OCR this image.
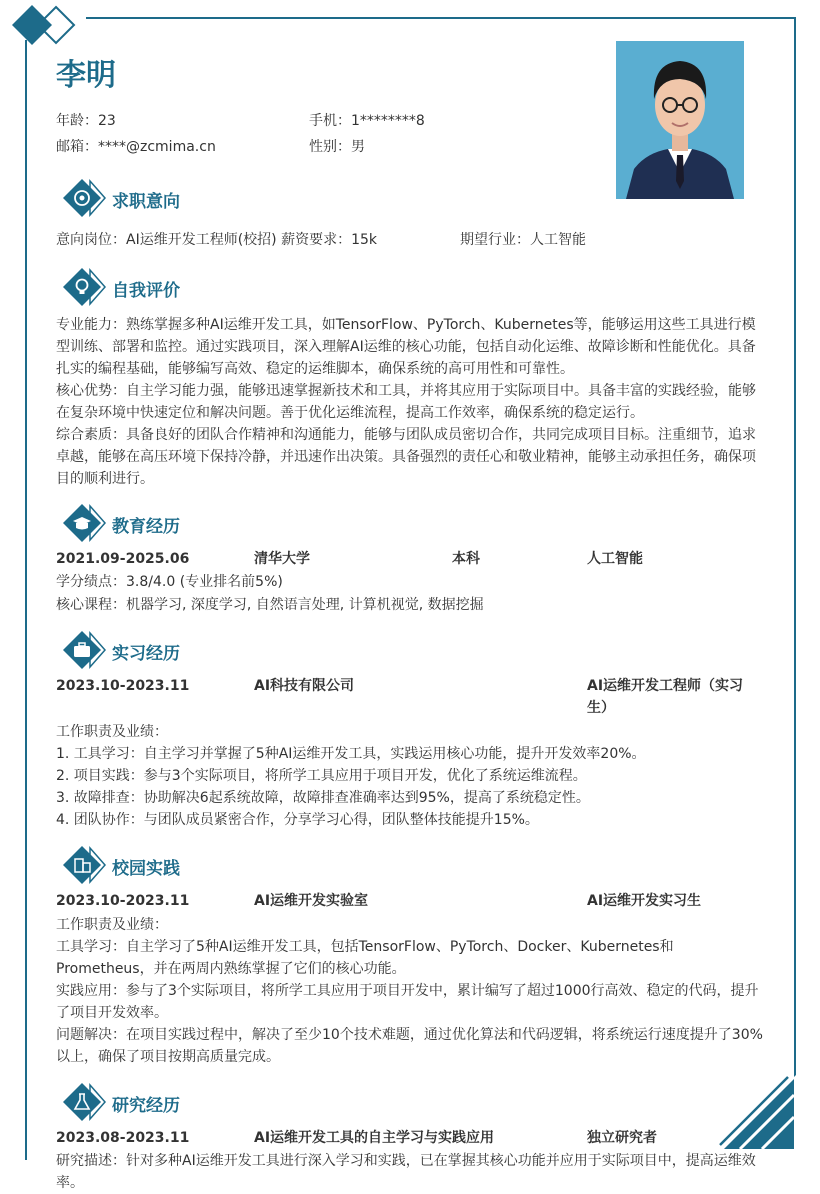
李明
年龄：23	手机：1********8
邮箱：****@zcmima.cn	性别：男
求职意向
意向岗位：AI运维开发工程师(校招) 薪资要求：15k	期望行业：人工智能
自我评价

专业能力：熟练掌握多种AI运维开发工具，如TensorFlow、PyTorch、Kubernetes等，能够运用这些工具进行模型训练、部署和监控。通过实践项目，深入理解AI运维的核心功能，包括自动化运维、故障诊断和性能优化。具备扎实的编程基础，能够编写高效、稳定的运维脚本，确保系统的高可用性和可靠性。

核心优势：自主学习能力强，能够迅速掌握新技术和工具，并将其应用于实际项目中。具备丰富的实践经验，能够在复杂环境中快速定位和解决问题。善于优化运维流程，提高工作效率，确保系统的稳定运行。

综合素质：具备良好的团队合作精神和沟通能力，能够与团队成员密切合作，共同完成项目目标。注重细节，追求卓越，能够在高压环境下保持冷静，并迅速作出决策。具备强烈的责任心和敬业精神，能够主动承担任务，确保项目的顺利进行。

教育经历
2021.09-2025.06	清华大学	本科	人工智能

学分绩点：3.8/4.0 (专业排名前5%)

核心课程：机器学习, 深度学习, 自然语言处理, 计算机视觉, 数据挖掘

实习经历
2023.10-2023.11	AI科技有限公司	AI运维开发工程师（实习生）

工作职责及业绩：

1. 工具学习：自主学习并掌握了5种AI运维开发工具，实践运用核心功能，提升开发效率20%。

2. 项目实践：参与3个实际项目，将所学工具应用于项目开发，优化了系统运维流程。

3. 故障排查：协助解决6起系统故障，故障排查准确率达到95%，提高了系统稳定性。

4. 团队协作：与团队成员紧密合作，分享学习心得，团队整体技能提升15%。

校园实践
2023.10-2023.11	AI运维开发实验室	AI运维开发实习生

工作职责及业绩：

工具学习：自主学习了5种AI运维开发工具，包括TensorFlow、PyTorch、Docker、Kubernetes和Prometheus，并在两周内熟练掌握了它们的核心功能。

实践应用：参与了3个实际项目，将所学工具应用于项目开发中，累计编写了超过1000行高效、稳定的代码，提升了项目开发效率。

问题解决：在项目实践过程中，解决了至少10个技术难题，通过优化算法和代码逻辑，将系统运行速度提升了30%以上，确保了项目按期高质量完成。

研究经历
2023.08-2023.11	AI运维开发工具的自主学习与实践应用	独立研究者

研究描述：针对多种AI运维开发工具进行深入学习和实践，已在掌握其核心功能并应用于实际项目中，提高运维效率。
